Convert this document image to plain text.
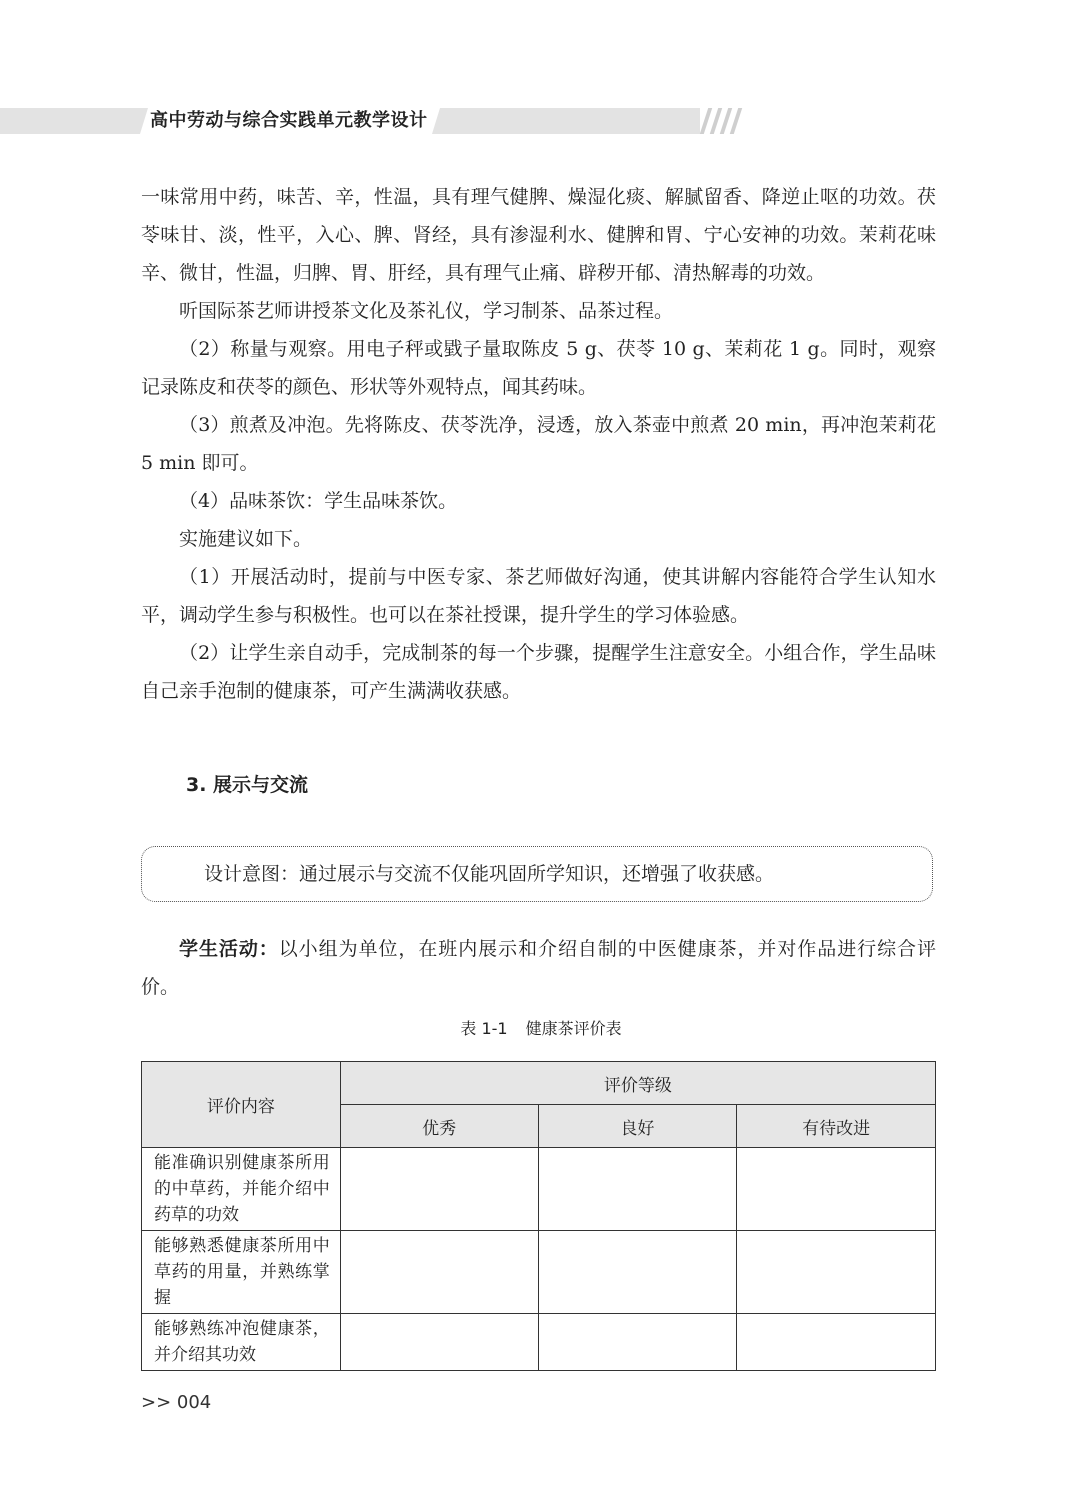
高中劳动与综合实践单元教学设计

一味常用中药，味苦、辛，性温，具有理气健脾、燥湿化痰、解腻留香、降逆止呕的功效。茯苓味甘、淡，性平，入心、脾、肾经，具有渗湿利水、健脾和胃、宁心安神的功效。茉莉花味辛、微甘，性温，归脾、胃、肝经，具有理气止痛、辟秽开郁、清热解毒的功效。

听国际茶艺师讲授茶文化及茶礼仪，学习制茶、品茶过程。

（2）称量与观察。用电子秤或戥子量取陈皮 5 g、茯苓 10 g、茉莉花 1 g。同时，观察记录陈皮和茯苓的颜色、形状等外观特点，闻其药味。

（3）煎煮及冲泡。先将陈皮、茯苓洗净，浸透，放入茶壶中煎煮 20 min，再冲泡茉莉花 5 min 即可。

（4）品味茶饮：学生品味茶饮。

实施建议如下。

（1）开展活动时，提前与中医专家、茶艺师做好沟通，使其讲解内容能符合学生认知水平，调动学生参与积极性。也可以在茶社授课，提升学生的学习体验感。

（2）让学生亲自动手，完成制茶的每一个步骤，提醒学生注意安全。小组合作，学生品味自己亲手泡制的健康茶，可产生满满收获感。

3. 展示与交流
设计意图：通过展示与交流不仅能巩固所学知识，还增强了收获感。
学生活动：以小组为单位，在班内展示和介绍自制的中医健康茶，并对作品进行综合评价。
表 1-1 健康茶评价表
评价内容	评价等级		
	优秀	良好	有待改进
能准确识别健康茶所用的中草药，并能介绍中药草的功效			
能够熟悉健康茶所用中草药的用量，并熟练掌握			
能够熟练冲泡健康茶，并介绍其功效			
>> 004
